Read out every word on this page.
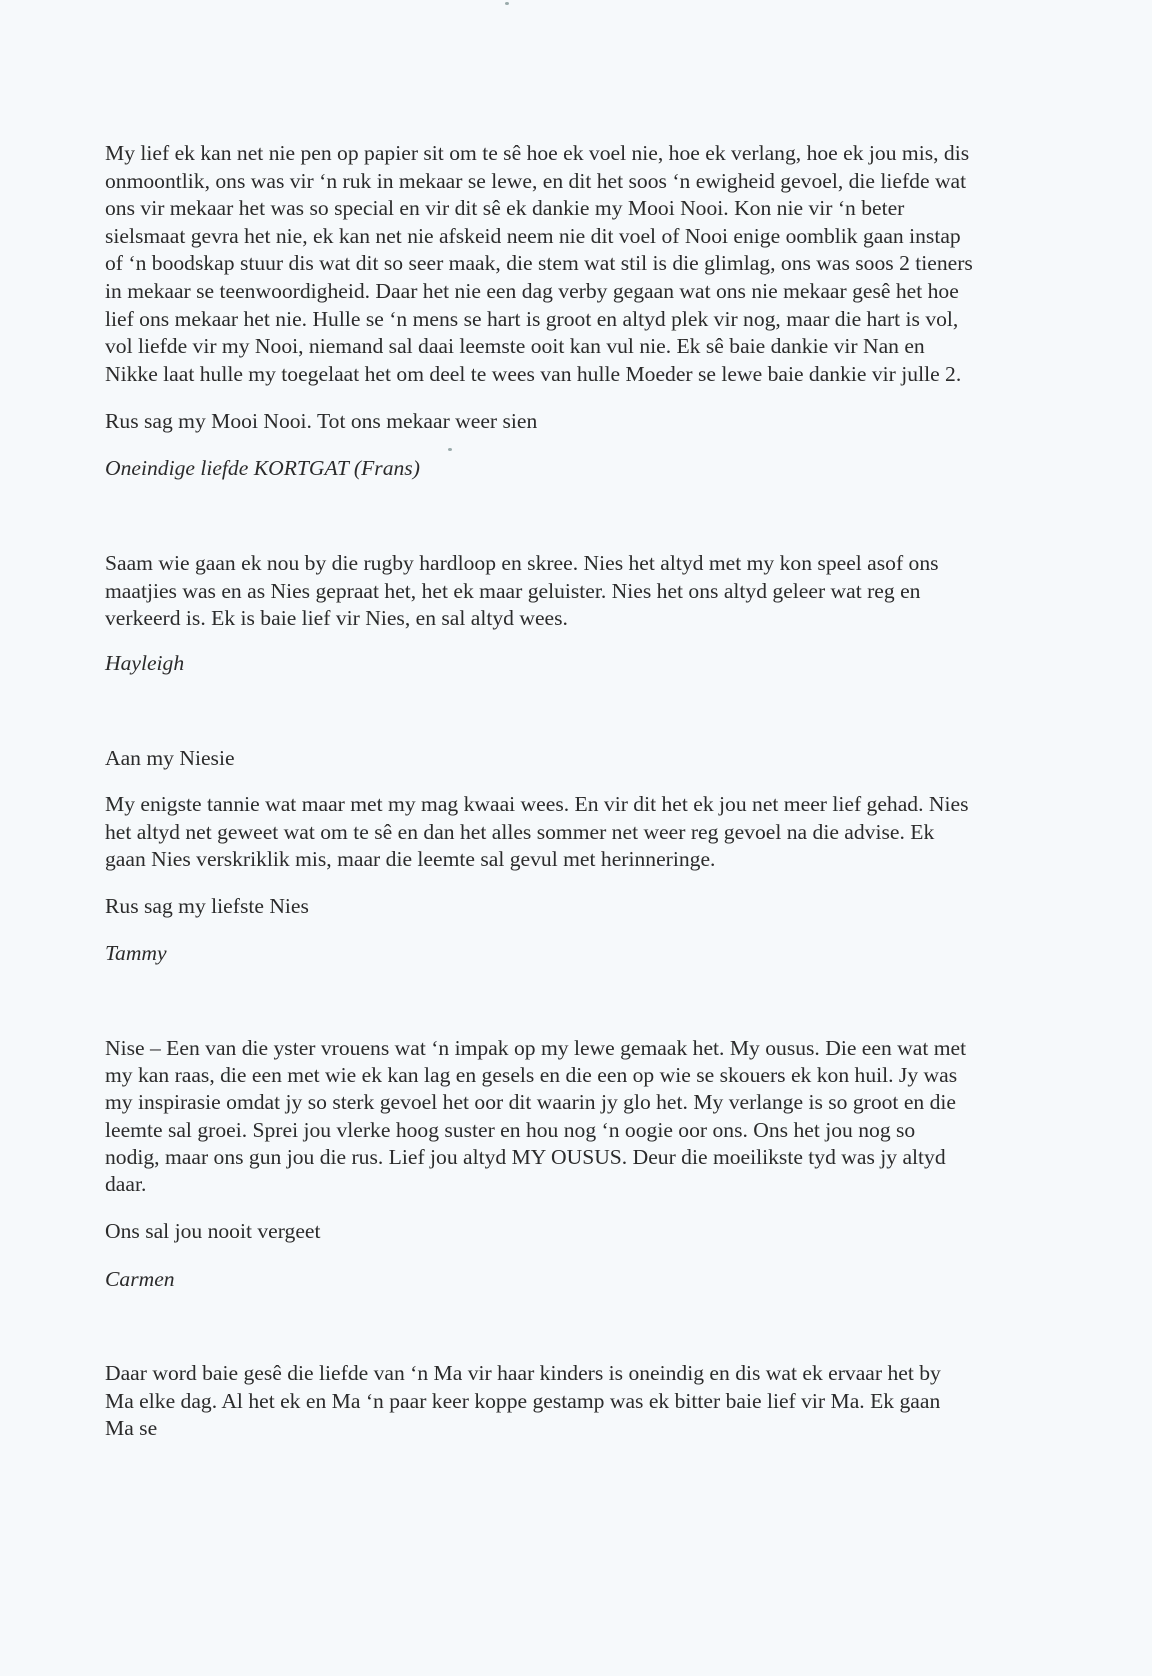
My lief ek kan net nie pen op papier sit om te sê hoe ek voel nie, hoe ek verlang, hoe ek jou mis, dis
onmoontlik, ons was vir ‘n ruk in mekaar se lewe, en dit het soos ‘n ewigheid gevoel, die liefde wat
ons vir mekaar het was so special en vir dit sê ek dankie my Mooi Nooi. Kon nie vir ‘n beter
sielsmaat gevra het nie, ek kan net nie afskeid neem nie dit voel of Nooi enige oomblik gaan instap
of ‘n boodskap stuur dis wat dit so seer maak, die stem wat stil is die glimlag, ons was soos 2 tieners
in mekaar se teenwoordigheid. Daar het nie een dag verby gegaan wat ons nie mekaar gesê het hoe
lief ons mekaar het nie. Hulle se ‘n mens se hart is groot en altyd plek vir nog, maar die hart is vol,
vol liefde vir my Nooi, niemand sal daai leemste ooit kan vul nie. Ek sê baie dankie vir Nan en
Nikke laat hulle my toegelaat het om deel te wees van hulle Moeder se lewe baie dankie vir julle 2.
Rus sag my Mooi Nooi. Tot ons mekaar weer sien
Oneindige liefde KORTGAT (Frans)
Saam wie gaan ek nou by die rugby hardloop en skree. Nies het altyd met my kon speel asof ons
maatjies was en as Nies gepraat het, het ek maar geluister. Nies het ons altyd geleer wat reg en
verkeerd is. Ek is baie lief vir Nies, en sal altyd wees.
Hayleigh
Aan my Niesie
My enigste tannie wat maar met my mag kwaai wees. En vir dit het ek jou net meer lief gehad. Nies
het altyd net geweet wat om te sê en dan het alles sommer net weer reg gevoel na die advise. Ek
gaan Nies verskriklik mis, maar die leemte sal gevul met herinneringe.
Rus sag my liefste Nies
Tammy
Nise – Een van die yster vrouens wat ‘n impak op my lewe gemaak het. My ousus. Die een wat met
my kan raas, die een met wie ek kan lag en gesels en die een op wie se skouers ek kon huil. Jy was
my inspirasie omdat jy so sterk gevoel het oor dit waarin jy glo het. My verlange is so groot en die
leemte sal groei. Sprei jou vlerke hoog suster en hou nog ‘n oogie oor ons. Ons het jou nog so
nodig, maar ons gun jou die rus. Lief jou altyd MY OUSUS. Deur die moeilikste tyd was jy altyd
daar.
Ons sal jou nooit vergeet
Carmen
Daar word baie gesê die liefde van ‘n Ma vir haar kinders is oneindig en dis wat ek ervaar het by
Ma elke dag. Al het ek en Ma ‘n paar keer koppe gestamp was ek bitter baie lief vir Ma. Ek gaan
Ma se
